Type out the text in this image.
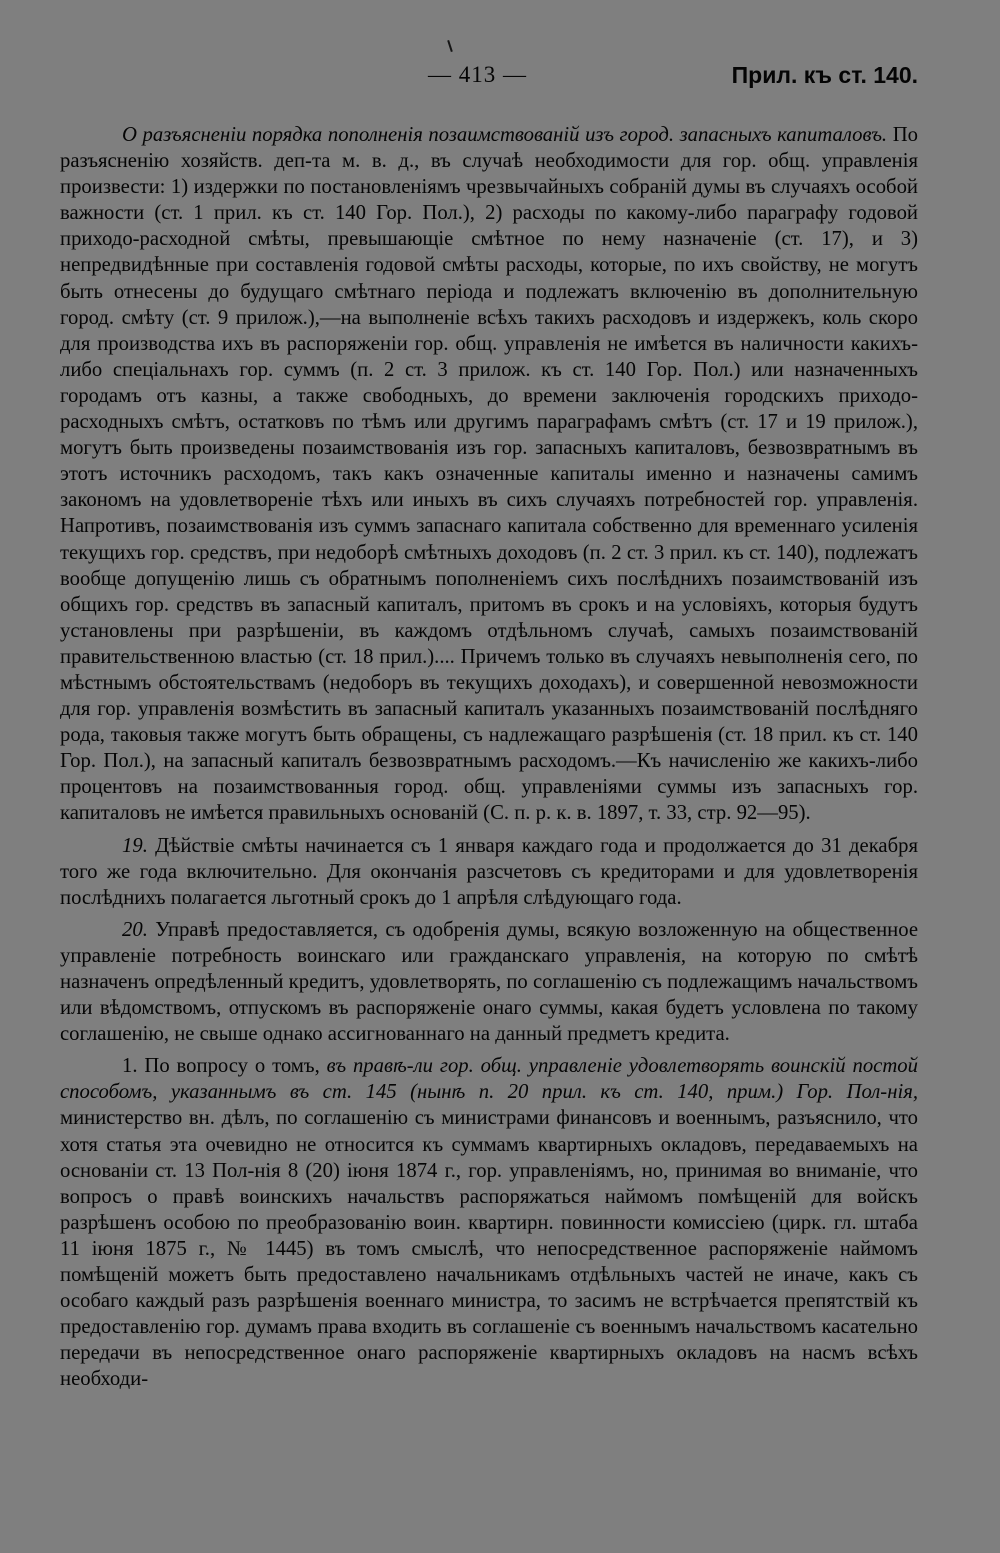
— 413 —	Прил. къ ст. 140.

О разъясненіи порядка пополненія позаимствованій изъ город. запасныхъ капиталовъ. По разъясненію хозяйств. деп-та м. в. д., въ случаѣ необходимости для гор. общ. управленія произвести: 1) издержки по постановленіямъ чрезвычайныхъ собраній думы въ случаяхъ особой важности (ст. 1 прил. къ ст. 140 Гор. Пол.), 2) расходы по какому-либо параграфу годовой приходо-расходной смѣты, превышающіе смѣтное по нему назначеніе (ст. 17), и 3) непредвидѣнные при составленія годовой смѣты расходы, которые, по ихъ свойству, не могутъ быть отнесены до будущаго смѣтнаго періода и подлежатъ включенію въ дополнительную город. смѣту (ст. 9 прилож.),—на выполненіе всѣхъ такихъ расходовъ и издержекъ, коль скоро для производства ихъ въ распоряженіи гор. общ. управленія не имѣется въ наличности какихъ-либо спеціальнахъ гор. суммъ (п. 2 ст. 3 прилож. къ ст. 140 Гор. Пол.) или назначенныхъ городамъ отъ казны, а также свободныхъ, до времени заключенія городскихъ приходо-расходныхъ смѣтъ, остатковъ по тѣмъ или другимъ параграфамъ смѣтъ (ст. 17 и 19 прилож.), могутъ быть произведены позаимствованія изъ гор. запасныхъ капиталовъ, безвозвратнымъ въ этотъ источникъ расходомъ, такъ какъ означенные капиталы именно и назначены самимъ закономъ на удовлетвореніе тѣхъ или иныхъ въ сихъ случаяхъ потребностей гор. управленія. Напротивъ, позаимствованія изъ суммъ запаснаго капитала собственно для временнаго усиленія текущихъ гор. средствъ, при недоборѣ смѣтныхъ доходовъ (п. 2 ст. 3 прил. къ ст. 140), подлежатъ вообще допущенію лишь съ обратнымъ пополненіемъ сихъ послѣднихъ позаимствованій изъ общихъ гор. средствъ въ запасный капиталъ, притомъ въ срокъ и на условіяхъ, которыя будутъ установлены при разрѣшеніи, въ каждомъ отдѣльномъ случаѣ, самыхъ позаимствованій правительственною властью (ст. 18 прил.).... Причемъ только въ случаяхъ невыполненія сего, по мѣстнымъ обстоятельствамъ (недоборъ въ текущихъ доходахъ), и совершенной невозможности для гор. управленія возмѣстить въ запасный капиталъ указанныхъ позаимствованій послѣдняго рода, таковыя также могутъ быть обращены, съ надлежащаго разрѣшенія (ст. 18 прил. къ ст. 140 Гор. Пол.), на запасный капиталъ безвозвратнымъ расходомъ.—Къ начисленію же какихъ-либо процентовъ на позаимствованныя город. общ. управленіями суммы изъ запасныхъ гор. капиталовъ не имѣется правильныхъ основаній (С. п. р. к. в. 1897, т. 33, стр. 92—95).

19. Дѣйствіе смѣты начинается съ 1 января каждаго года и продолжается до 31 декабря того же года включительно. Для окончанія разсчетовъ съ кредиторами и для удовлетворенія послѣднихъ полагается льготный срокъ до 1 апрѣля слѣдующаго года.

20. Управѣ предоставляется, съ одобренія думы, всякую возложенную на общественное управленіе потребность воинскаго или гражданскаго управленія, на которую по смѣтѣ назначенъ опредѣленный кредитъ, удовлетворять, по соглашенію съ подлежащимъ начальствомъ или вѣдомствомъ, отпускомъ въ распоряженіе онаго суммы, какая будетъ условлена по такому соглашенію, не свыше однако ассигнованнаго на данный предметъ кредита.

1. По вопросу о томъ, въ правѣ-ли гор. общ. управленіе удовлетворять воинскій постой способомъ, указаннымъ въ ст. 145 (нынѣ п. 20 прил. къ ст. 140, прим.) Гор. Пол-нія, министерство вн. дѣлъ, по соглашенію съ министрами финансовъ и военнымъ, разъяснило, что хотя статья эта очевидно не относится къ суммамъ квартирныхъ окладовъ, передаваемыхъ на основаніи ст. 13 Пол-нія 8 (20) іюня 1874 г., гор. управленіямъ, но, принимая во вниманіе, что вопросъ о правѣ воинскихъ начальствъ распоряжаться наймомъ помѣщеній для войскъ разрѣшенъ особою по преобразованію воин. квартирн. повинности комиссіею (цирк. гл. штаба 11 іюня 1875 г., № 1445) въ томъ смыслѣ, что непосредственное распоряженіе наймомъ помѣщеній можетъ быть предоставлено начальникамъ отдѣльныхъ частей не иначе, какъ съ особаго каждый разъ разрѣшенія военнаго министра, то засимъ не встрѣчается препятствій къ предоставленію гор. думамъ права входить въ соглашеніе съ военнымъ начальствомъ касательно передачи въ непосредственное онаго распоряженіе квартирныхъ окладовъ на насмъ всѣхъ необходи-
